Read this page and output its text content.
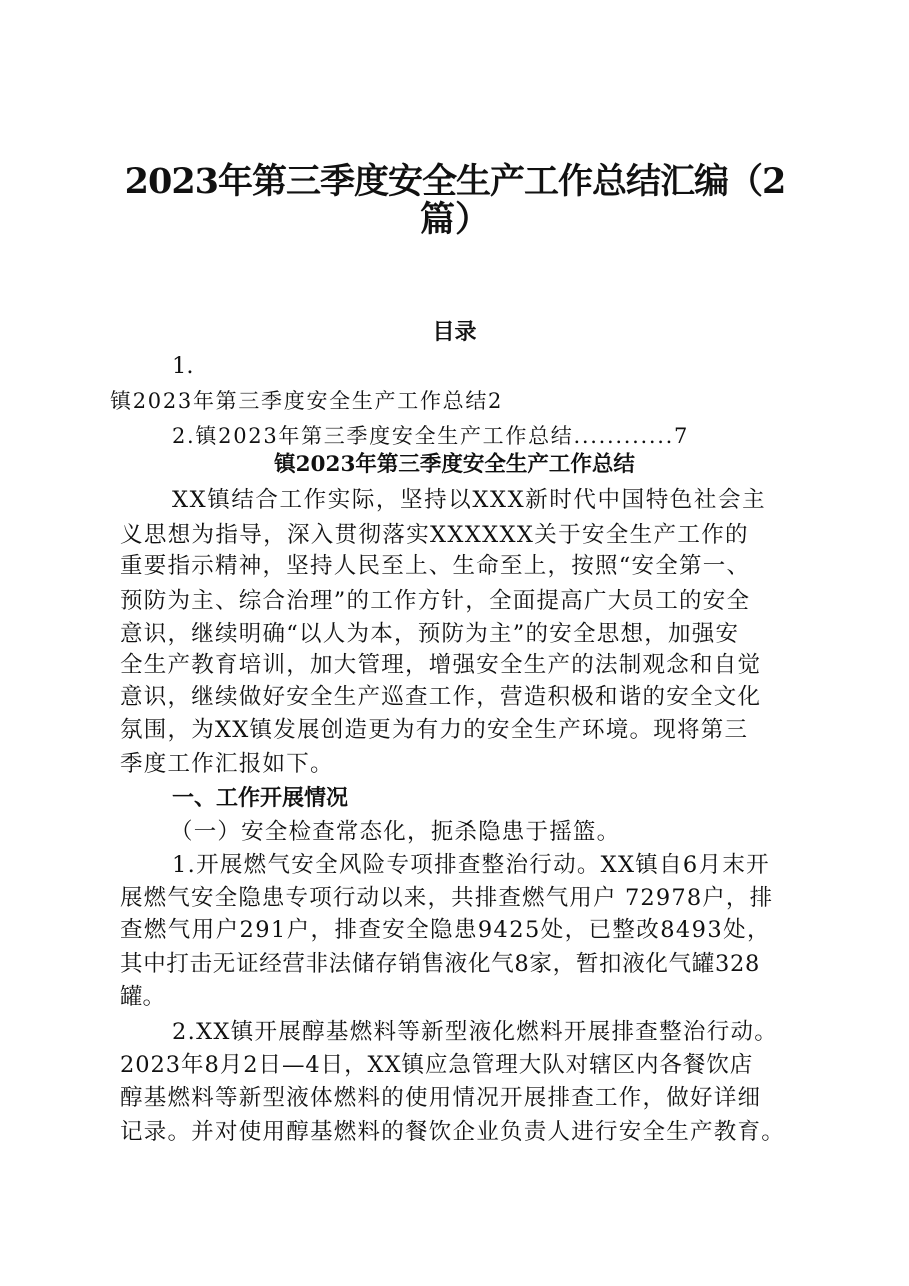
2023年第三季度安全生产工作总结汇编（2
篇）
目录
1.
镇2023年第三季度安全生产工作总结2
2.镇2023年第三季度安全生产工作总结............7
镇2023年第三季度安全生产工作总结
XX镇结合工作实际，坚持以XXX新时代中国特色社会主
义思想为指导，深入贯彻落实XXXXXX关于安全生产工作的
重要指示精神，坚持人民至上、生命至上，按照“安全第一、
预防为主、综合治理”的工作方针，全面提高广大员工的安全
意识，继续明确“以人为本，预防为主”的安全思想，加强安
全生产教育培训，加大管理，增强安全生产的法制观念和自觉
意识，继续做好安全生产巡查工作，营造积极和谐的安全文化
氛围，为XX镇发展创造更为有力的安全生产环境。现将第三
季度工作汇报如下。
一、工作开展情况
（一）安全检查常态化，扼杀隐患于摇篮。
1.开展燃气安全风险专项排查整治行动。XX镇自6月末开
展燃气安全隐患专项行动以来，共排查燃气用户 72978户，排
查燃气用户291户，排查安全隐患9425处，已整改8493处，
其中打击无证经营非法储存销售液化气8家，暂扣液化气罐328
罐。
2.XX镇开展醇基燃料等新型液化燃料开展排查整治行动。
2023年8月2日—4日，XX镇应急管理大队对辖区内各餐饮店
醇基燃料等新型液体燃料的使用情况开展排查工作，做好详细
记录。并对使用醇基燃料的餐饮企业负责人进行安全生产教育。
